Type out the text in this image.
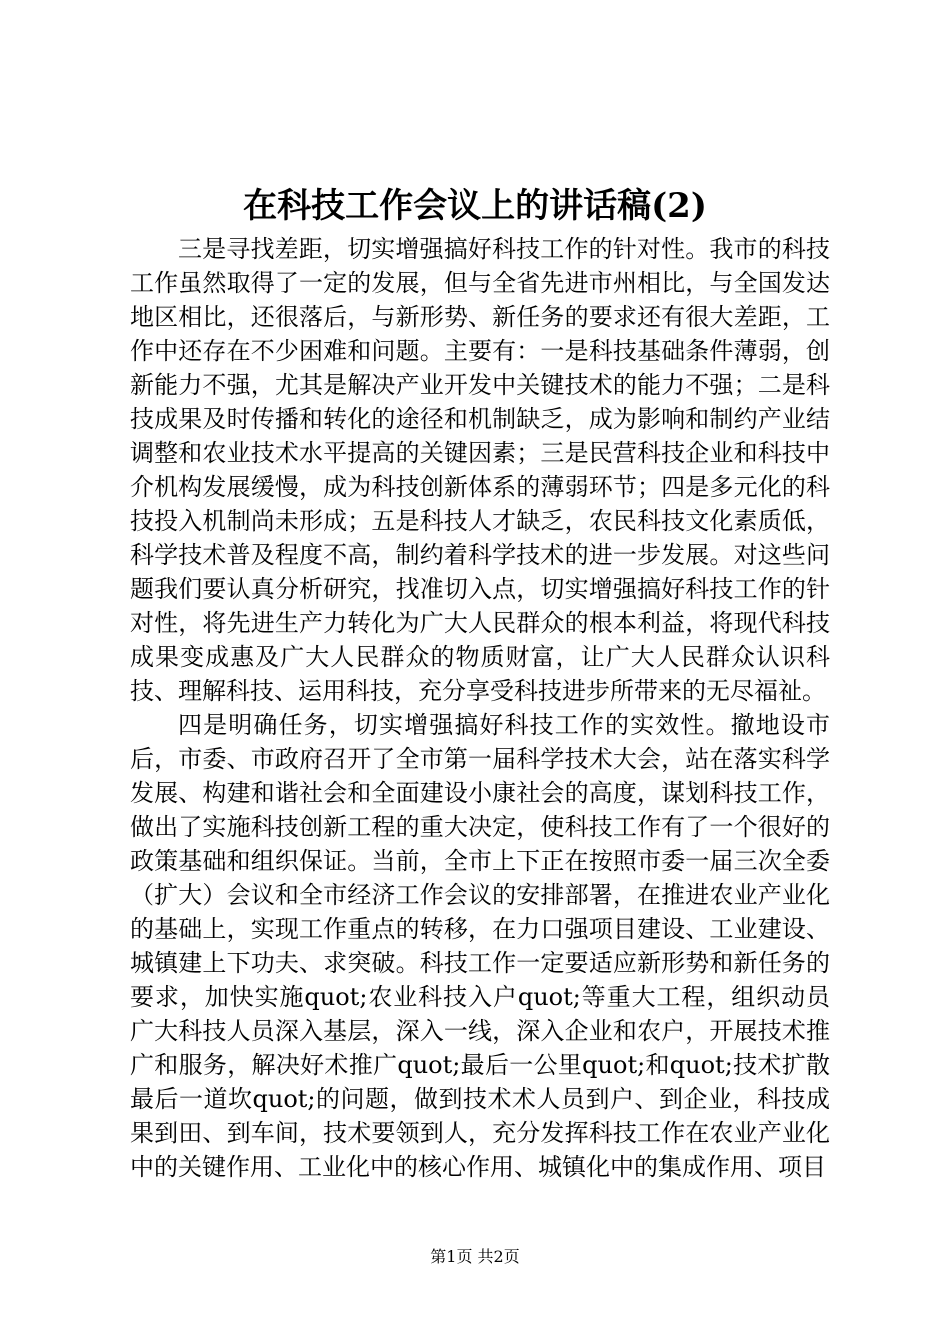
在科技工作会议上的讲话稿(2)

三是寻找差距，切实增强搞好科技工作的针对性。我市的科技工作虽然取得了一定的发展，但与全省先进市州相比，与全国发达地区相比，还很落后，与新形势、新任务的要求还有很大差距，工作中还存在不少困难和问题。主要有：一是科技基础条件薄弱，创新能力不强，尤其是解决产业开发中关键技术的能力不强；二是科技成果及时传播和转化的途径和机制缺乏，成为影响和制约产业结调整和农业技术水平提高的关键因素；三是民营科技企业和科技中介机构发展缓慢，成为科技创新体系的薄弱环节；四是多元化的科技投入机制尚未形成；五是科技人才缺乏，农民科技文化素质低，科学技术普及程度不高，制约着科学技术的进一步发展。对这些问题我们要认真分析研究，找准切入点，切实增强搞好科技工作的针对性，将先进生产力转化为广大人民群众的根本利益，将现代科技成果变成惠及广大人民群众的物质财富，让广大人民群众认识科技、理解科技、运用科技，充分享受科技进步所带来的无尽福祉。

四是明确任务，切实增强搞好科技工作的实效性。撤地设市后，市委、市政府召开了全市第一届科学技术大会，站在落实科学发展、构建和谐社会和全面建设小康社会的高度，谋划科技工作，做出了实施科技创新工程的重大决定，使科技工作有了一个很好的政策基础和组织保证。当前，全市上下正在按照市委一届三次全委（扩大）会议和全市经济工作会议的安排部署，在推进农业产业化的基础上，实现工作重点的转移，在力口强项目建设、工业建设、城镇建上下功夫、求突破。科技工作一定要适应新形势和新任务的要求，加快实施quot;农业科技入户quot;等重大工程，组织动员广大科技人员深入基层，深入一线，深入企业和农户，开展技术推广和服务，解决好术推广quot;最后一公里quot;和quot;技术扩散最后一道坎quot;的问题，做到技术术人员到户、到企业，科技成果到田、到车间，技术要领到人，充分发挥科技工作在农业产业化中的关键作用、工业化中的核心作用、城镇化中的集成作用、项目

第1页 共2页
